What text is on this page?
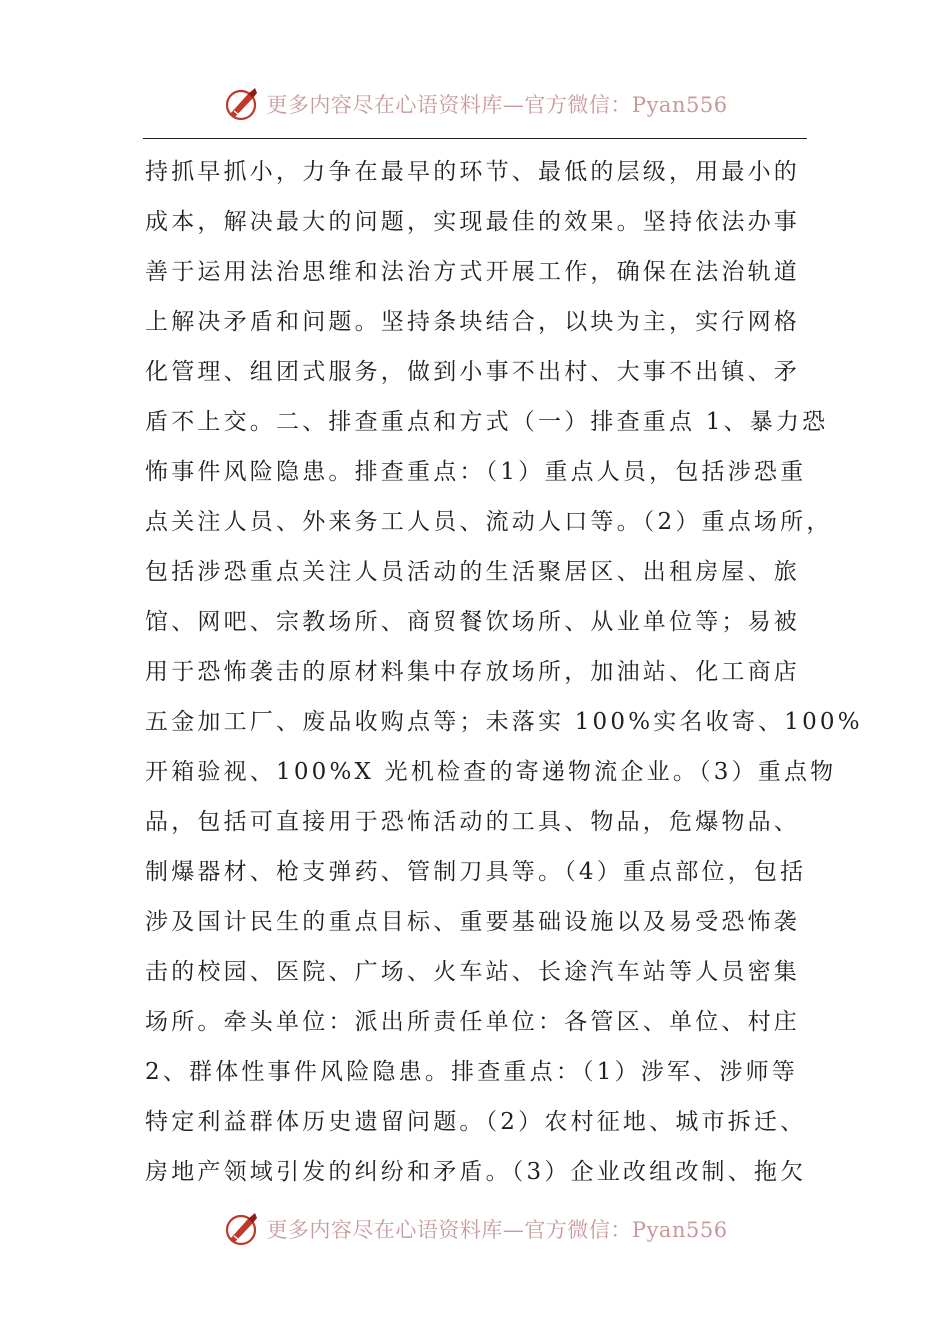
更多内容尽在心语资料库—官方微信：Pyan556
持抓早抓小，力争在最早的环节、最低的层级，用最小的
成本，解决最大的问题，实现最佳的效果。坚持依法办事
善于运用法治思维和法治方式开展工作，确保在法治轨道
上解决矛盾和问题。坚持条块结合，以块为主，实行网格
化管理、组团式服务，做到小事不出村、大事不出镇、矛
盾不上交。二、排查重点和方式（一）排查重点 1、暴力恐
怖事件风险隐患。排查重点：（1）重点人员，包括涉恐重
点关注人员、外来务工人员、流动人口等。（2）重点场所，
包括涉恐重点关注人员活动的生活聚居区、出租房屋、旅
馆、网吧、宗教场所、商贸餐饮场所、从业单位等；易被
用于恐怖袭击的原材料集中存放场所，加油站、化工商店
五金加工厂、废品收购点等；未落实 100%实名收寄、100%
开箱验视、100%X 光机检查的寄递物流企业。（3）重点物
品，包括可直接用于恐怖活动的工具、物品，危爆物品、
制爆器材、枪支弹药、管制刀具等。（4）重点部位，包括
涉及国计民生的重点目标、重要基础设施以及易受恐怖袭
击的校园、医院、广场、火车站、长途汽车站等人员密集
场所。牵头单位：派出所责任单位：各管区、单位、村庄
2、群体性事件风险隐患。排查重点：（1）涉军、涉师等
特定利益群体历史遗留问题。（2）农村征地、城市拆迁、
房地产领域引发的纠纷和矛盾。（3）企业改组改制、拖欠
更多内容尽在心语资料库—官方微信：Pyan556
